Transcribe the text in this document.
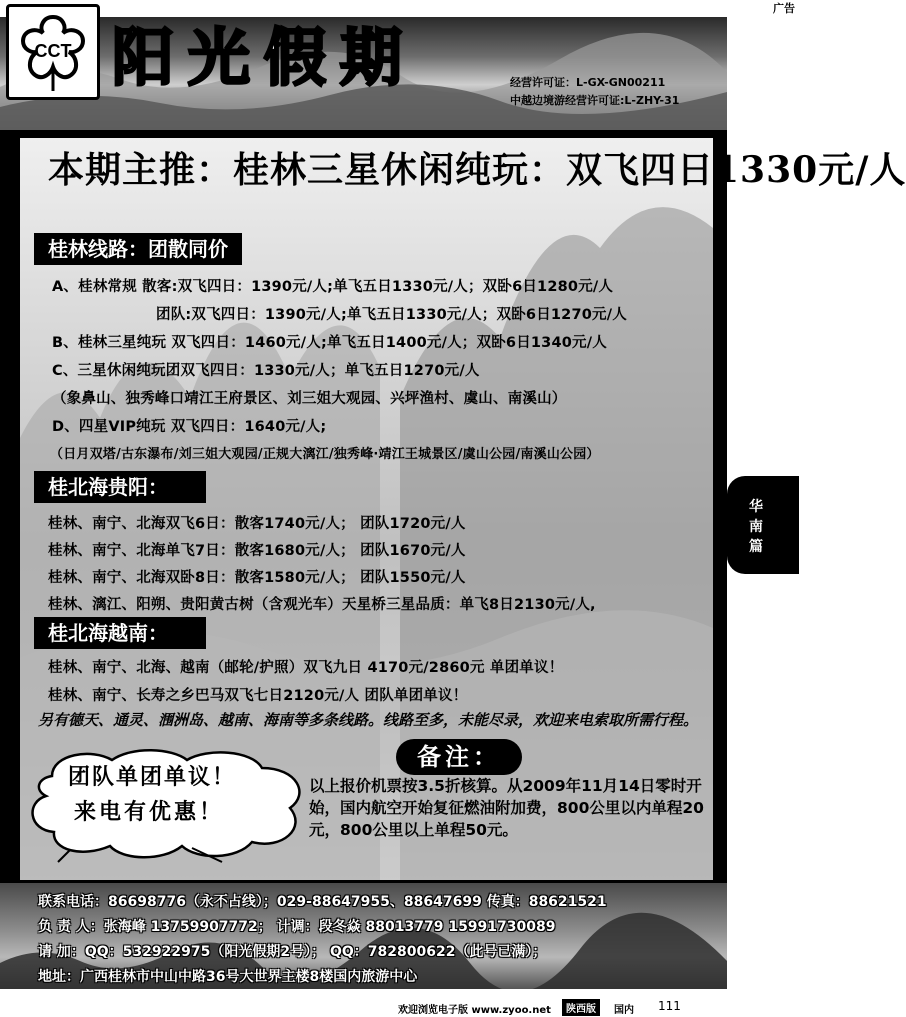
广告
CCT 阳光假期	经营许可证：L-GX-GN00211
中越边境游经营许可证:L-ZHY-31
本期主推：桂林三星休闲纯玩：双飞四日1330元/人
桂林线路：团散同价
A、桂林常规 散客:双飞四日：1390元/人;单飞五日1330元/人；双卧6日1280元/人
团队:双飞四日：1390元/人;单飞五日1330元/人；双卧6日1270元/人
B、桂林三星纯玩 双飞四日：1460元/人;单飞五日1400元/人；双卧6日1340元/人
C、三星休闲纯玩团双飞四日：1330元/人；单飞五日1270元/人
（象鼻山、独秀峰口靖江王府景区、刘三姐大观园、兴坪渔村、虞山、南溪山）
D、四星VIP纯玩 双飞四日：1640元/人;
（日月双塔/古东瀑布/刘三姐大观园/正规大漓江/独秀峰·靖江王城景区/虞山公园/南溪山公园）
桂北海贵阳：
桂林、南宁、北海双飞6日：散客1740元/人； 团队1720元/人
桂林、南宁、北海单飞7日：散客1680元/人； 团队1670元/人
桂林、南宁、北海双卧8日：散客1580元/人； 团队1550元/人
桂林、漓江、阳朔、贵阳黄古树（含观光车）天星桥三星品质：单飞8日2130元/人,
桂北海越南：
桂林、南宁、北海、越南（邮轮/护照）双飞九日 4170元/2860元 单团单议！
桂林、南宁、长寿之乡巴马双飞七日2120元/人 团队单团单议！
另有德天、通灵、涠洲岛、越南、海南等多条线路。线路至多，未能尽录，欢迎来电索取所需行程。
团队单团单议！
来电有优惠！
备注：
以上报价机票按3.5折核算。从2009年11月14日零时开始，国内航空开始复征燃油附加费，800公里以内单程20元，800公里以上单程50元。
华
南
篇
联系电话：86698776（永不占线）；029-88647955、88647699 传真：88621521
负 责 人：张海峰 13759907772； 计调：段冬焱 88013779 15991730089
请 加：QQ：532922975（阳光假期2号）； QQ：782800622（此号已满）；
地址：广西桂林市中山中路36号大世界主楼8楼国内旅游中心
欢迎浏览电子版 www.zyoo.net	陕西版	国内 111
